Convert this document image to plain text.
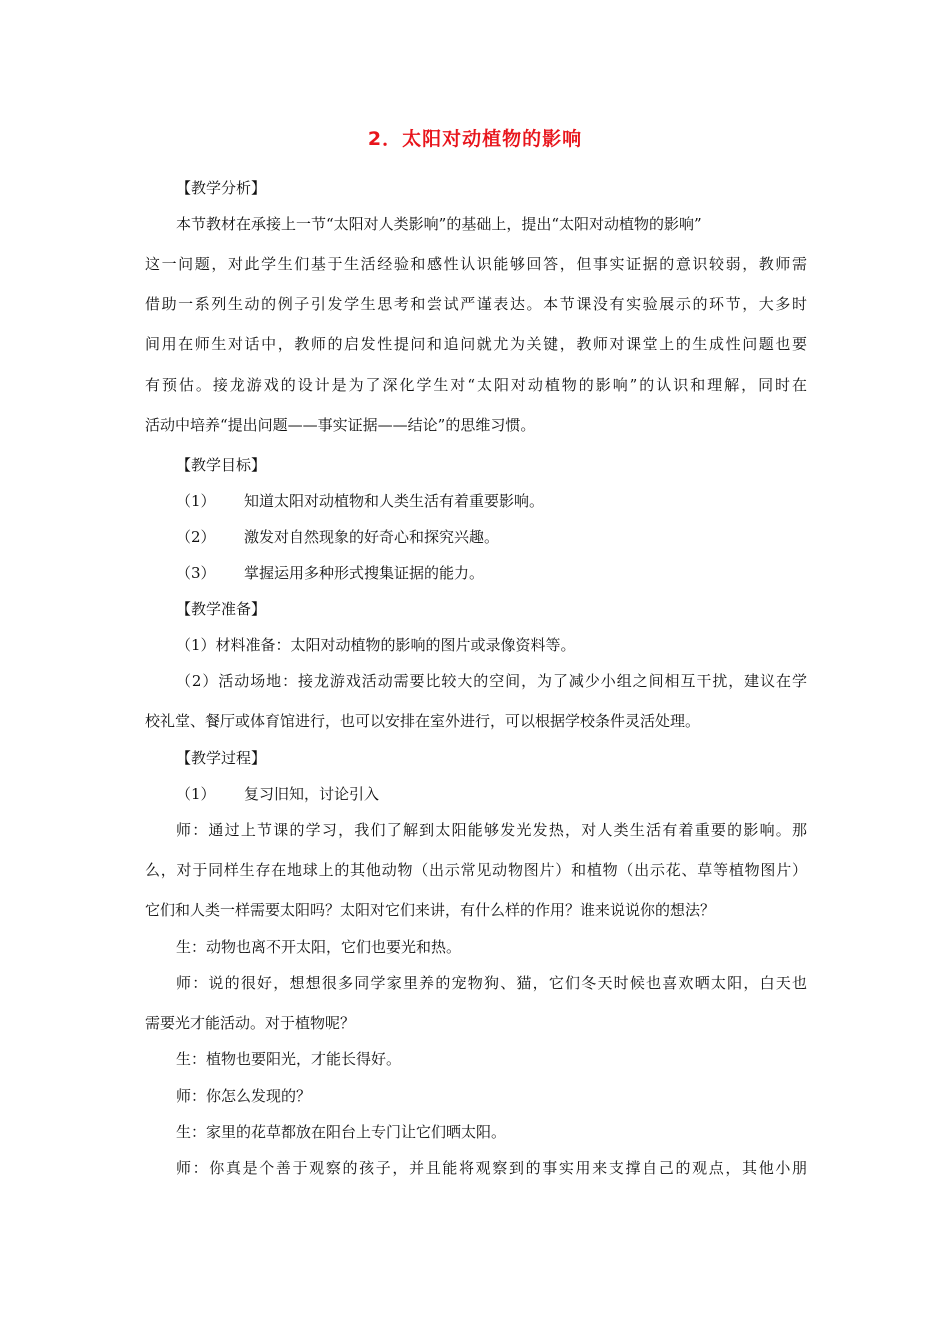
2．太阳对动植物的影响
【教学分析】
本节教材在承接上一节“太阳对人类影响”的基础上，提出“太阳对动植物的影响”
这一问题，对此学生们基于生活经验和感性认识能够回答，但事实证据的意识较弱，教师需
借助一系列生动的例子引发学生思考和尝试严谨表达。本节课没有实验展示的环节，大多时
间用在师生对话中，教师的启发性提问和追问就尤为关键，教师对课堂上的生成性问题也要
有预估。接龙游戏的设计是为了深化学生对“太阳对动植物的影响”的认识和理解，同时在
活动中培养“提出问题——事实证据——结论”的思维习惯。
【教学目标】
（1） 知道太阳对动植物和人类生活有着重要影响。
（2） 激发对自然现象的好奇心和探究兴趣。
（3） 掌握运用多种形式搜集证据的能力。
【教学准备】
（1）材料准备：太阳对动植物的影响的图片或录像资料等。
（2）活动场地：接龙游戏活动需要比较大的空间，为了减少小组之间相互干扰，建议在学
校礼堂、餐厅或体育馆进行，也可以安排在室外进行，可以根据学校条件灵活处理。
【教学过程】
（1） 复习旧知，讨论引入
师：通过上节课的学习，我们了解到太阳能够发光发热，对人类生活有着重要的影响。那
么，对于同样生存在地球上的其他动物（出示常见动物图片）和植物（出示花、草等植物图片）
它们和人类一样需要太阳吗？太阳对它们来讲，有什么样的作用？谁来说说你的想法？
生：动物也离不开太阳，它们也要光和热。
师：说的很好，想想很多同学家里养的宠物狗、猫，它们冬天时候也喜欢晒太阳，白天也
需要光才能活动。对于植物呢？
生：植物也要阳光，才能长得好。
师：你怎么发现的？
生：家里的花草都放在阳台上专门让它们晒太阳。
师：你真是个善于观察的孩子，并且能将观察到的事实用来支撑自己的观点，其他小朋
